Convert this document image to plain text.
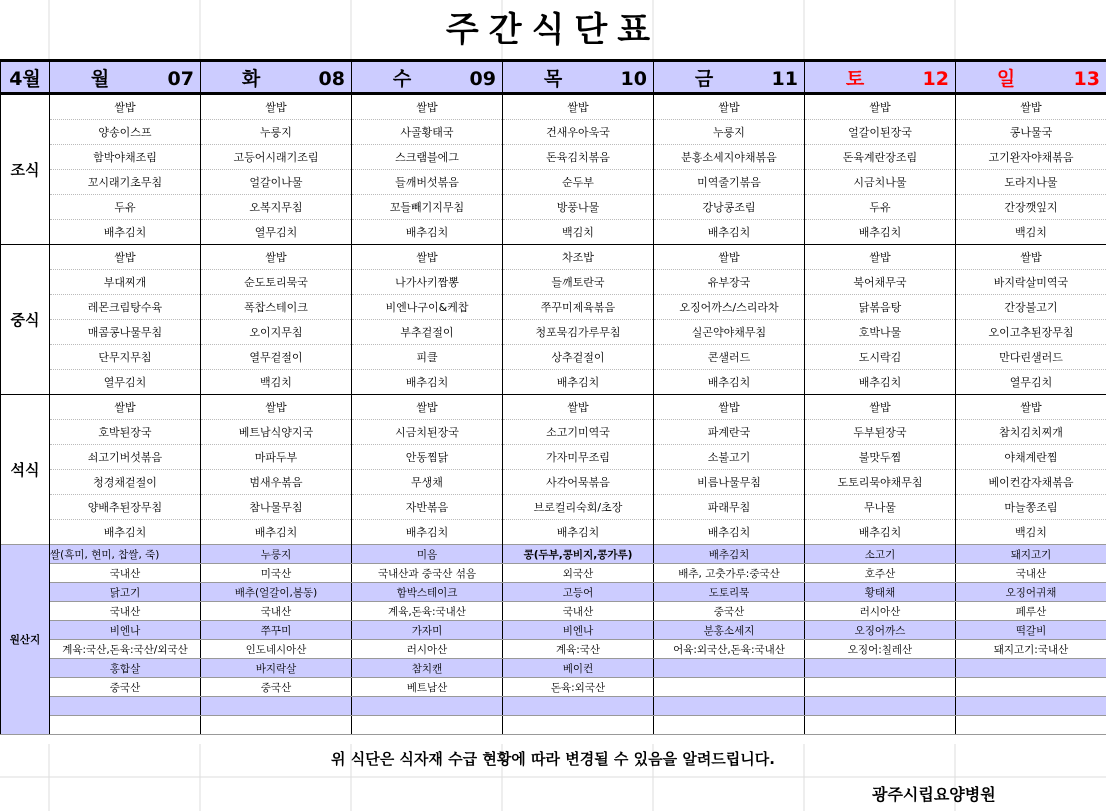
주간식단표
4월	월 07	화 08	수 09	목 10	금 11	토 12	일 13
조식	쌀밥	쌀밥	쌀밥	쌀밥	쌀밥	쌀밥	쌀밥
	양송이스프	누룽지	사골황태국	건새우아욱국	누룽지	얼갈이된장국	콩나물국
	함박야채조림	고등어시래기조림	스크램블에그	돈육김치볶음	분홍소세지야채볶음	돈육계란장조림	고기완자야채볶음
	꼬시래기초무침	얼갈이나물	들깨버섯볶음	순두부	미역줄기볶음	시금치나물	도라지나물
	두유	오복지무침	꼬들빼기지무침	방풍나물	강낭콩조림	두유	간장깻잎지
	배추김치	열무김치	배추김치	백김치	배추김치	배추김치	백김치
중식	쌀밥	쌀밥	쌀밥	차조밥	쌀밥	쌀밥	쌀밥
	부대찌개	순도토리묵국	나가사키짬뽕	들깨토란국	유부장국	북어채무국	바지락살미역국
	레몬크림탕수육	폭찹스테이크	비엔나구이&케찹	쭈꾸미제육볶음	오징어까스/스리라차	닭볶음탕	간장불고기
	매콤콩나물무침	오이지무침	부추겉절이	청포묵김가루무침	실곤약야채무침	호박나물	오이고추된장무침
	단무지무침	열무겉절이	피클	상추겉절이	콘샐러드	도시락김	만다린샐러드
	열무김치	백김치	배추김치	배추김치	배추김치	배추김치	열무김치
석식	쌀밥	쌀밥	쌀밥	쌀밥	쌀밥	쌀밥	쌀밥
	호박된장국	베트남식양지국	시금치된장국	소고기미역국	파계란국	두부된장국	참치김치찌개
	쇠고기버섯볶음	마파두부	안동찜닭	가자미무조림	소불고기	불맛두찜	야채계란찜
	청경채겉절이	범새우볶음	무생채	사각어묵볶음	비름나물무침	도토리묵야채무침	베이컨감자채볶음
	양배추된장무침	참나물무침	자반볶음	브로컬리숙회/초장	파래무침	무나물	마늘쫑조림
	배추김치	배추김치	배추김치	배추김치	배추김치	배추김치	백김치
원산지	쌀(흑미, 현미, 찹쌀, 죽)	누룽지	미음	콩(두부,콩비지,콩가루)	배추김치	소고기	돼지고기
	국내산	미국산	국내산과 중국산 섞음	외국산	배추, 고춧가루:중국산	호주산	국내산
	닭고기	배추(얼갈이,봄동)	함박스테이크	고등어	도토리묵	황태채	오징어귀채
	국내산	국내산	계육,돈육:국내산	국내산	중국산	러시아산	페루산
	비엔나	쭈꾸미	가자미	비엔나	분홍소세지	오징어까스	떡갈비
	계육:국산,돈육:국산/외국산	인도네시아산	러시아산	계육:국산	어육:외국산,돈육:국내산	오징어:칠레산	돼지고기:국내산
	홍합살	바지락살	참치캔	베이컨			
	중국산	중국산	베트남산	돈육:외국산			

위 식단은 식자재 수급 현황에 따라 변경될 수 있음을 알려드립니다.
광주시립요양병원
